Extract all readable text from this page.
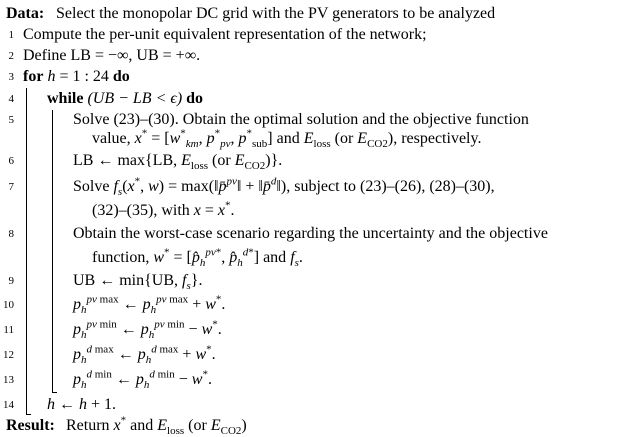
Data: Select the monopolar DC grid with the PV generators to be analyzed
1 Compute the per-unit equivalent representation of the network;
2 Define LB = −∞, UB = +∞.
3 for h = 1 : 24 do
4 while (UB − LB < ϵ) do
5	Solve (23)–(30). Obtain the optimal solution and the objective function
value, $x^* = [w^*_{km}$, $p^*_{pv}$, $p^*_{sub}$] and $E_{loss}$ (or $E_{CO2}$), respectively.
6	LB ← max{LB, $E_{loss}$ (or $E_{CO2}$)}.
7	Solve $f_s(x^*$, w) = max(‖p̄$^{pv}$‖ + ‖p̄$^d$‖), subject to (23)–(26), (28)–(30),
(32)–(35), with x = x*.
8	Obtain the worst-case scenario regarding the uncertainty and the objective
function, $w^* = [p̂_h^{pv*}$, $p̂_h^{d*}$] and $f_s$.
9	UB ← min{UB, $f_s$}.
10	$p_h^{pv max}$ ← $p_h^{pv max} + w^*$.
11	$p_h^{pv min}$ ← $p_h^{pv min} - w^*$.
12	$p_h^{d max}$ ← $p_h^{d max} + w^*$.
13	$p_h^{d min}$ ← $p_h^{d min} - w^*$.
14 h ← h + 1.
Result: Return x* and $E_{loss}$ (or $E_{CO2}$)
